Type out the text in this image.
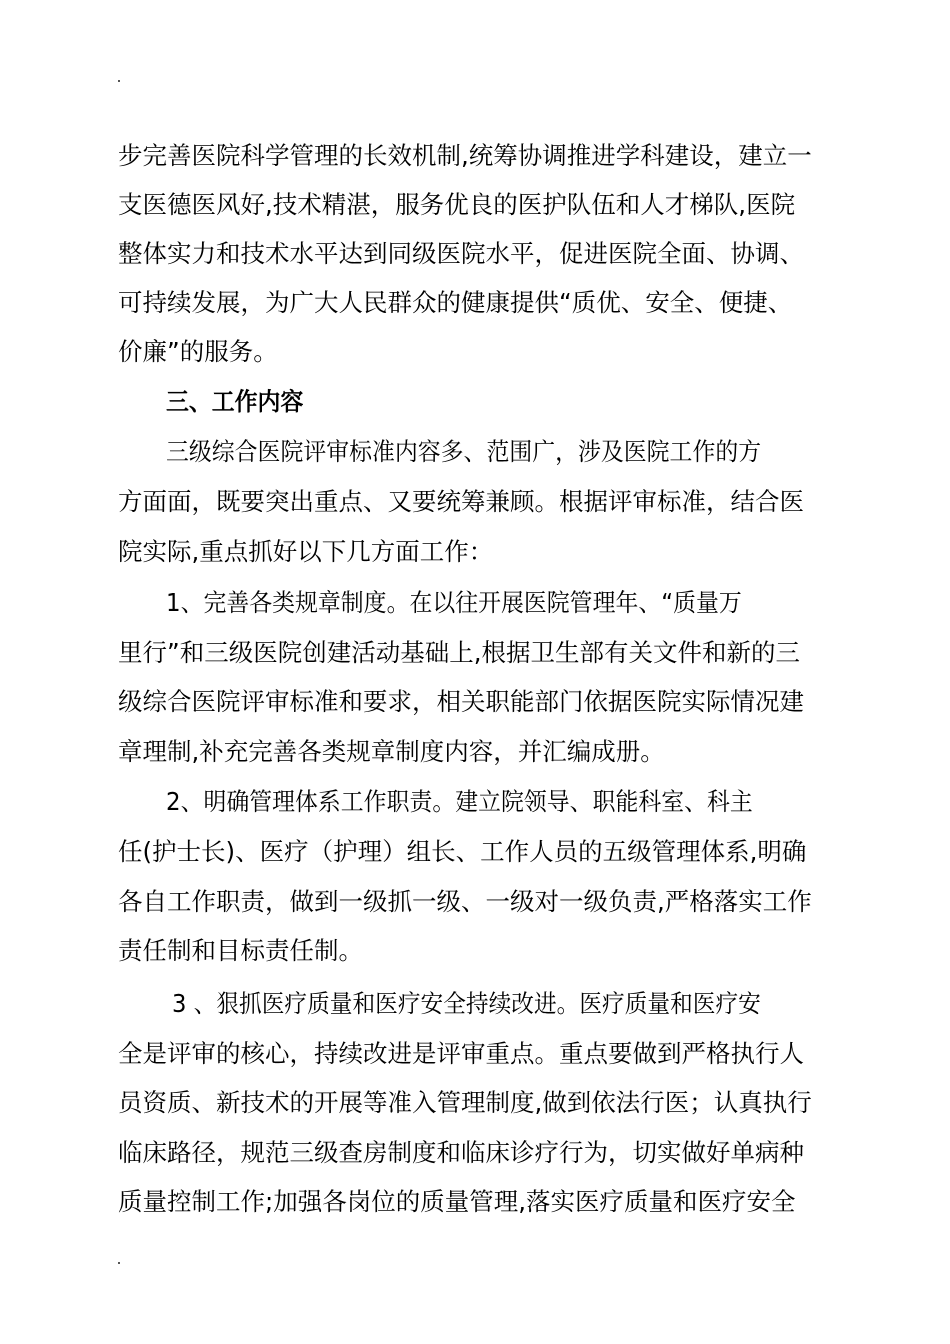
步完善医院科学管理的长效机制,统筹协调推进学科建设，建立一
支医德医风好,技术精湛，服务优良的医护队伍和人才梯队,医院
整体实力和技术水平达到同级医院水平，促进医院全面、协调、
可持续发展，为广大人民群众的健康提供“质优、安全、便捷、
价廉”的服务。
三、工作内容
三级综合医院评审标准内容多、范围广，涉及医院工作的方
方面面，既要突出重点、又要统筹兼顾。根据评审标准，结合医
院实际,重点抓好以下几方面工作：
1、完善各类规章制度。在以往开展医院管理年、“质量万
里行”和三级医院创建活动基础上,根据卫生部有关文件和新的三
级综合医院评审标准和要求，相关职能部门依据医院实际情况建
章理制,补充完善各类规章制度内容，并汇编成册。
2、明确管理体系工作职责。建立院领导、职能科室、科主
任(护士长)、医疗（护理）组长、工作人员的五级管理体系,明确
各自工作职责，做到一级抓一级、一级对一级负责,严格落实工作
责任制和目标责任制。
3 、狠抓医疗质量和医疗安全持续改进。医疗质量和医疗安
全是评审的核心，持续改进是评审重点。重点要做到严格执行人
员资质、新技术的开展等准入管理制度,做到依法行医；认真执行
临床路径，规范三级查房制度和临床诊疗行为，切实做好单病种
质量控制工作;加强各岗位的质量管理,落实医疗质量和医疗安全
